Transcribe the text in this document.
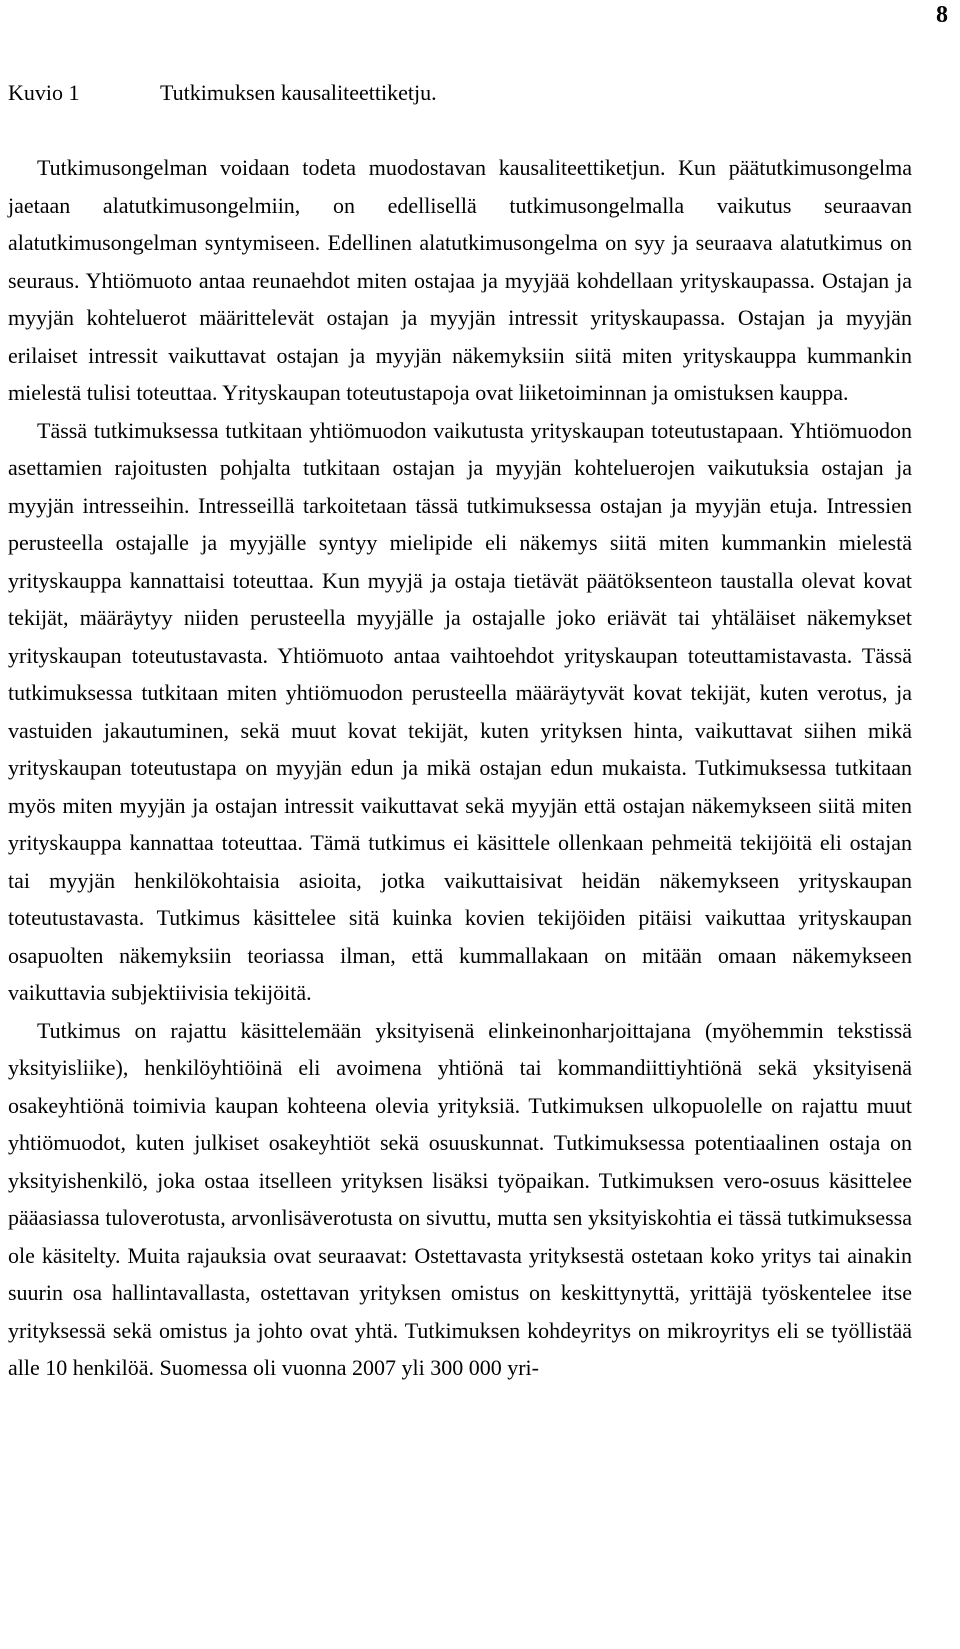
8
Kuvio 1	Tutkimuksen kausaliteettiketju.

Tutkimusongelman voidaan todeta muodostavan kausaliteettiketjun. Kun päätutkimusongelma jaetaan alatutkimusongelmiin, on edellisellä tutkimusongelmalla vaikutus seuraavan alatutkimusongelman syntymiseen. Edellinen alatutkimusongelma on syy ja seuraava alatutkimus on seuraus. Yhtiömuoto antaa reunaehdot miten ostajaa ja myyjää kohdellaan yrityskaupassa. Ostajan ja myyjän kohteluerot määrittelevät ostajan ja myyjän intressit yrityskaupassa. Ostajan ja myyjän erilaiset intressit vaikuttavat ostajan ja myyjän näkemyksiin siitä miten yrityskauppa kummankin mielestä tulisi toteuttaa. Yrityskaupan toteutustapoja ovat liiketoiminnan ja omistuksen kauppa.

Tässä tutkimuksessa tutkitaan yhtiömuodon vaikutusta yrityskaupan toteutustapaan. Yhtiömuodon asettamien rajoitusten pohjalta tutkitaan ostajan ja myyjän kohteluerojen vaikutuksia ostajan ja myyjän intresseihin. Intresseillä tarkoitetaan tässä tutkimuksessa ostajan ja myyjän etuja. Intressien perusteella ostajalle ja myyjälle syntyy mielipide eli näkemys siitä miten kummankin mielestä yrityskauppa kannattaisi toteuttaa. Kun myyjä ja ostaja tietävät päätöksenteon taustalla olevat kovat tekijät, määräytyy niiden perusteella myyjälle ja ostajalle joko eriävät tai yhtäläiset näkemykset yrityskaupan toteutustavasta. Yhtiömuoto antaa vaihtoehdot yrityskaupan toteuttamistavasta. Tässä tutkimuksessa tutkitaan miten yhtiömuodon perusteella määräytyvät kovat tekijät, kuten verotus, ja vastuiden jakautuminen, sekä muut kovat tekijät, kuten yrityksen hinta, vaikuttavat siihen mikä yrityskaupan toteutustapa on myyjän edun ja mikä ostajan edun mukaista. Tutkimuksessa tutkitaan myös miten myyjän ja ostajan intressit vaikuttavat sekä myyjän että ostajan näkemykseen siitä miten yrityskauppa kannattaa toteuttaa. Tämä tutkimus ei käsittele ollenkaan pehmeitä tekijöitä eli ostajan tai myyjän henkilökohtaisia asioita, jotka vaikuttaisivat heidän näkemykseen yrityskaupan toteutustavasta. Tutkimus käsittelee sitä kuinka kovien tekijöiden pitäisi vaikuttaa yrityskaupan osapuolten näkemyksiin teoriassa ilman, että kummallakaan on mitään omaan näkemykseen vaikuttavia subjektiivisia tekijöitä.

Tutkimus on rajattu käsittelemään yksityisenä elinkeinonharjoittajana (myöhemmin tekstissä yksityisliike), henkilöyhtiöinä eli avoimena yhtiönä tai kommandiittiyhtiönä sekä yksityisenä osakeyhtiönä toimivia kaupan kohteena olevia yrityksiä. Tutkimuksen ulkopuolelle on rajattu muut yhtiömuodot, kuten julkiset osakeyhtiöt sekä osuuskunnat. Tutkimuksessa potentiaalinen ostaja on yksityishenkilö, joka ostaa itselleen yrityksen lisäksi työpaikan. Tutkimuksen vero-osuus käsittelee pääasiassa tuloverotusta, arvonlisäverotusta on sivuttu, mutta sen yksityiskohtia ei tässä tutkimuksessa ole käsitelty. Muita rajauksia ovat seuraavat: Ostettavasta yrityksestä ostetaan koko yritys tai ainakin suurin osa hallintavallasta, ostettavan yrityksen omistus on keskittynyttä, yrittäjä työskentelee itse yrityksessä sekä omistus ja johto ovat yhtä. Tutkimuksen kohdeyritys on mikroyritys eli se työllistää alle 10 henkilöä. Suomessa oli vuonna 2007 yli 300 000 yri-
